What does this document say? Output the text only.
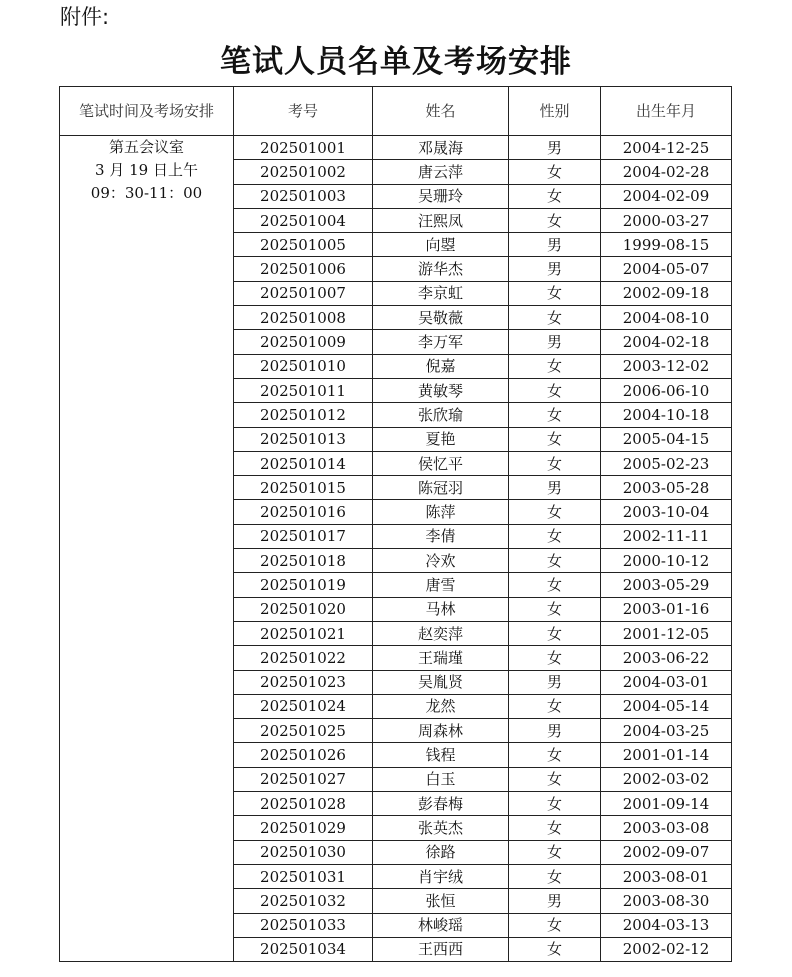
附件:
笔试人员名单及考场安排
笔试时间及考场安排	考号	姓名	性别	出生年月

第五会议室
3 月 19 日上午
09：30-11：00	202501001	邓晟海	男	2004-12-25
	202501002	唐云萍	女	2004-02-28
	202501003	吴珊玲	女	2004-02-09
	202501004	汪熙凤	女	2000-03-27
	202501005	向曌	男	1999-08-15
	202501006	游华杰	男	2004-05-07
	202501007	李京虹	女	2002-09-18
	202501008	吴敬薇	女	2004-08-10
	202501009	李万军	男	2004-02-18
	202501010	倪嘉	女	2003-12-02
	202501011	黄敏琴	女	2006-06-10
	202501012	张欣瑜	女	2004-10-18
	202501013	夏艳	女	2005-04-15
	202501014	侯忆平	女	2005-02-23
	202501015	陈冠羽	男	2003-05-28
	202501016	陈萍	女	2003-10-04
	202501017	李倩	女	2002-11-11
	202501018	冷欢	女	2000-10-12
	202501019	唐雪	女	2003-05-29
	202501020	马林	女	2003-01-16
	202501021	赵奕萍	女	2001-12-05
	202501022	王瑞瑾	女	2003-06-22
	202501023	吴胤贤	男	2004-03-01
	202501024	龙然	女	2004-05-14
	202501025	周森林	男	2004-03-25
	202501026	钱程	女	2001-01-14
	202501027	白玉	女	2002-03-02
	202501028	彭春梅	女	2001-09-14
	202501029	张英杰	女	2003-03-08
	202501030	徐路	女	2002-09-07
	202501031	肖宇绒	女	2003-08-01
	202501032	张恒	男	2003-08-30
	202501033	林峻瑶	女	2004-03-13
	202501034	王西西	女	2002-02-12
